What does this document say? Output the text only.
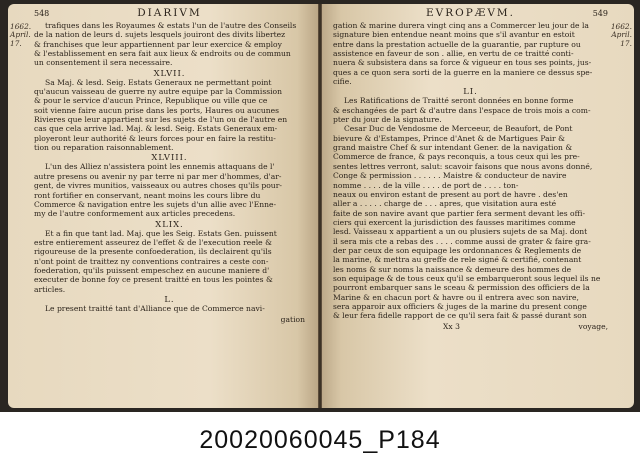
548	DIARIVM
1662.
April.
17.
trafiques dans les Royaumes & estats l'un de l'autre des Conseils
de la nation de leurs d. sujets lesquels jouiront des divits libertez
& franchises que leur appartiennent par leur exercice & employ
& l'establissement en sera fait aux lieux & endroits ou de commun
un consentement il sera necessaire.
XLVII.
Sa Maj. & lesd. Seig. Estats Generaux ne permettant point
qu'aucun vaisseau de guerre ny autre equipe par la Commission
& pour le service d'aucun Prince, Republique ou ville que ce
soit vienne faire aucun prise dans les ports, Haures ou aucunes
Rivieres que leur appartient sur les sujets de l'un ou de l'autre en
cas que cela arrive lad. Maj. & lesd. Seig. Estats Generaux em-
ployeront leur authorité & leurs forces pour en faire la restitu-
tion ou reparation raisonnablement.
XLVIII.
L'un des Alliez n'assistera point les ennemis attaquans de l'
autre presens ou avenir ny par terre ni par mer d'hommes, d'ar-
gent, de vivres munitios, vaisseaux ou autres choses qu'ils pour-
ront fortifier en conservant, neant moins les cours libre du
Commerce & navigation entre les sujets d'un allie avec l'Enne-
my de l'autre conformement aux articles precedens.
XLIX.
Et a fin que tant lad. Maj. que les Seig. Estats Gen. puissent
estre entierement asseurez de l'effet & de l'execution reele &
rigoureuse de la presente confoederation, ils declairent qu'ils
n'ont point de traittez ny conventions contraires a ceste con-
foederation, qu'ils puissent empeschez en aucune maniere d'
executer de bonne foy ce present traitté en tous les pointes &
articles.
L.
Le present traitté tant d'Alliance que de Commerce navi-
gation
EVROPÆVM.	549
1662.
April.
17.
gation & marine durera vingt cinq ans a Commercer leu jour de la
signature bien entendue neant moins que s'il avantur en estoit
entre dans la prestation actuelle de la guarantie, par rupture ou
assistence en faveur de son . allie, en vertu de ce traitté conti-
nuera & subsistera dans sa force & vigueur en tous ses points, jus-
ques a ce quon sera sorti de la guerre en la maniere ce dessus spe-
cifie.
LI.
Les Ratifications de Traitté seront données en bonne forme
& eschangées de part & d'autre dans l'espace de trois mois a com-
pter du jour de la signature.
Cesar Duc de Vendosme de Merceeur, de Beaufort, de Pont
bievure & d'Estampes, Prince d'Anet & de Martigues Pair &
grand maistre Chef & sur intendant Gener. de la navigation &
Commerce de france, & pays reconquis, a tous ceux qui les pre-
sentes lettres verront, salut: scavoir faisons que nous avons donné,
Conge & permission . . . . . . Maistre & conducteur de navire
nomme . . . . de la ville . . . . de port de . . . . ton-
neaux ou environ estant de present au port de havre . des'en
aller a . . . . . charge de . . . apres, que visitation aura esté
faite de son navire avant que partier fera serment devant les offi-
ciers qui exercent la jurisdiction des fausses maritimes comme
lesd. Vaisseau x appartient a un ou plusiers sujets de sa Maj. dont
il sera mis cte a rebas des . . . . comme aussi de grater & faire gra-
der par ceux de son equipage les ordonnances & Reglements de
la marine, & mettra au greffe de rele signé & certifié, contenant
les noms & sur noms la naissance & demeure des hommes de
son equipage & de tous ceux qu'il se embarqueront sous lequel ils ne
pourront embarquer sans le sceau & permission des officiers de la
Marine & en chacun port & havre ou il entrera avec son navire,
sera apparoir aux officiers & juges de la marine du present conge
& leur fera fidelle rapport de ce qu'il sera fait & passé durant son
Xx 3	voyage,
20020060045_P184
